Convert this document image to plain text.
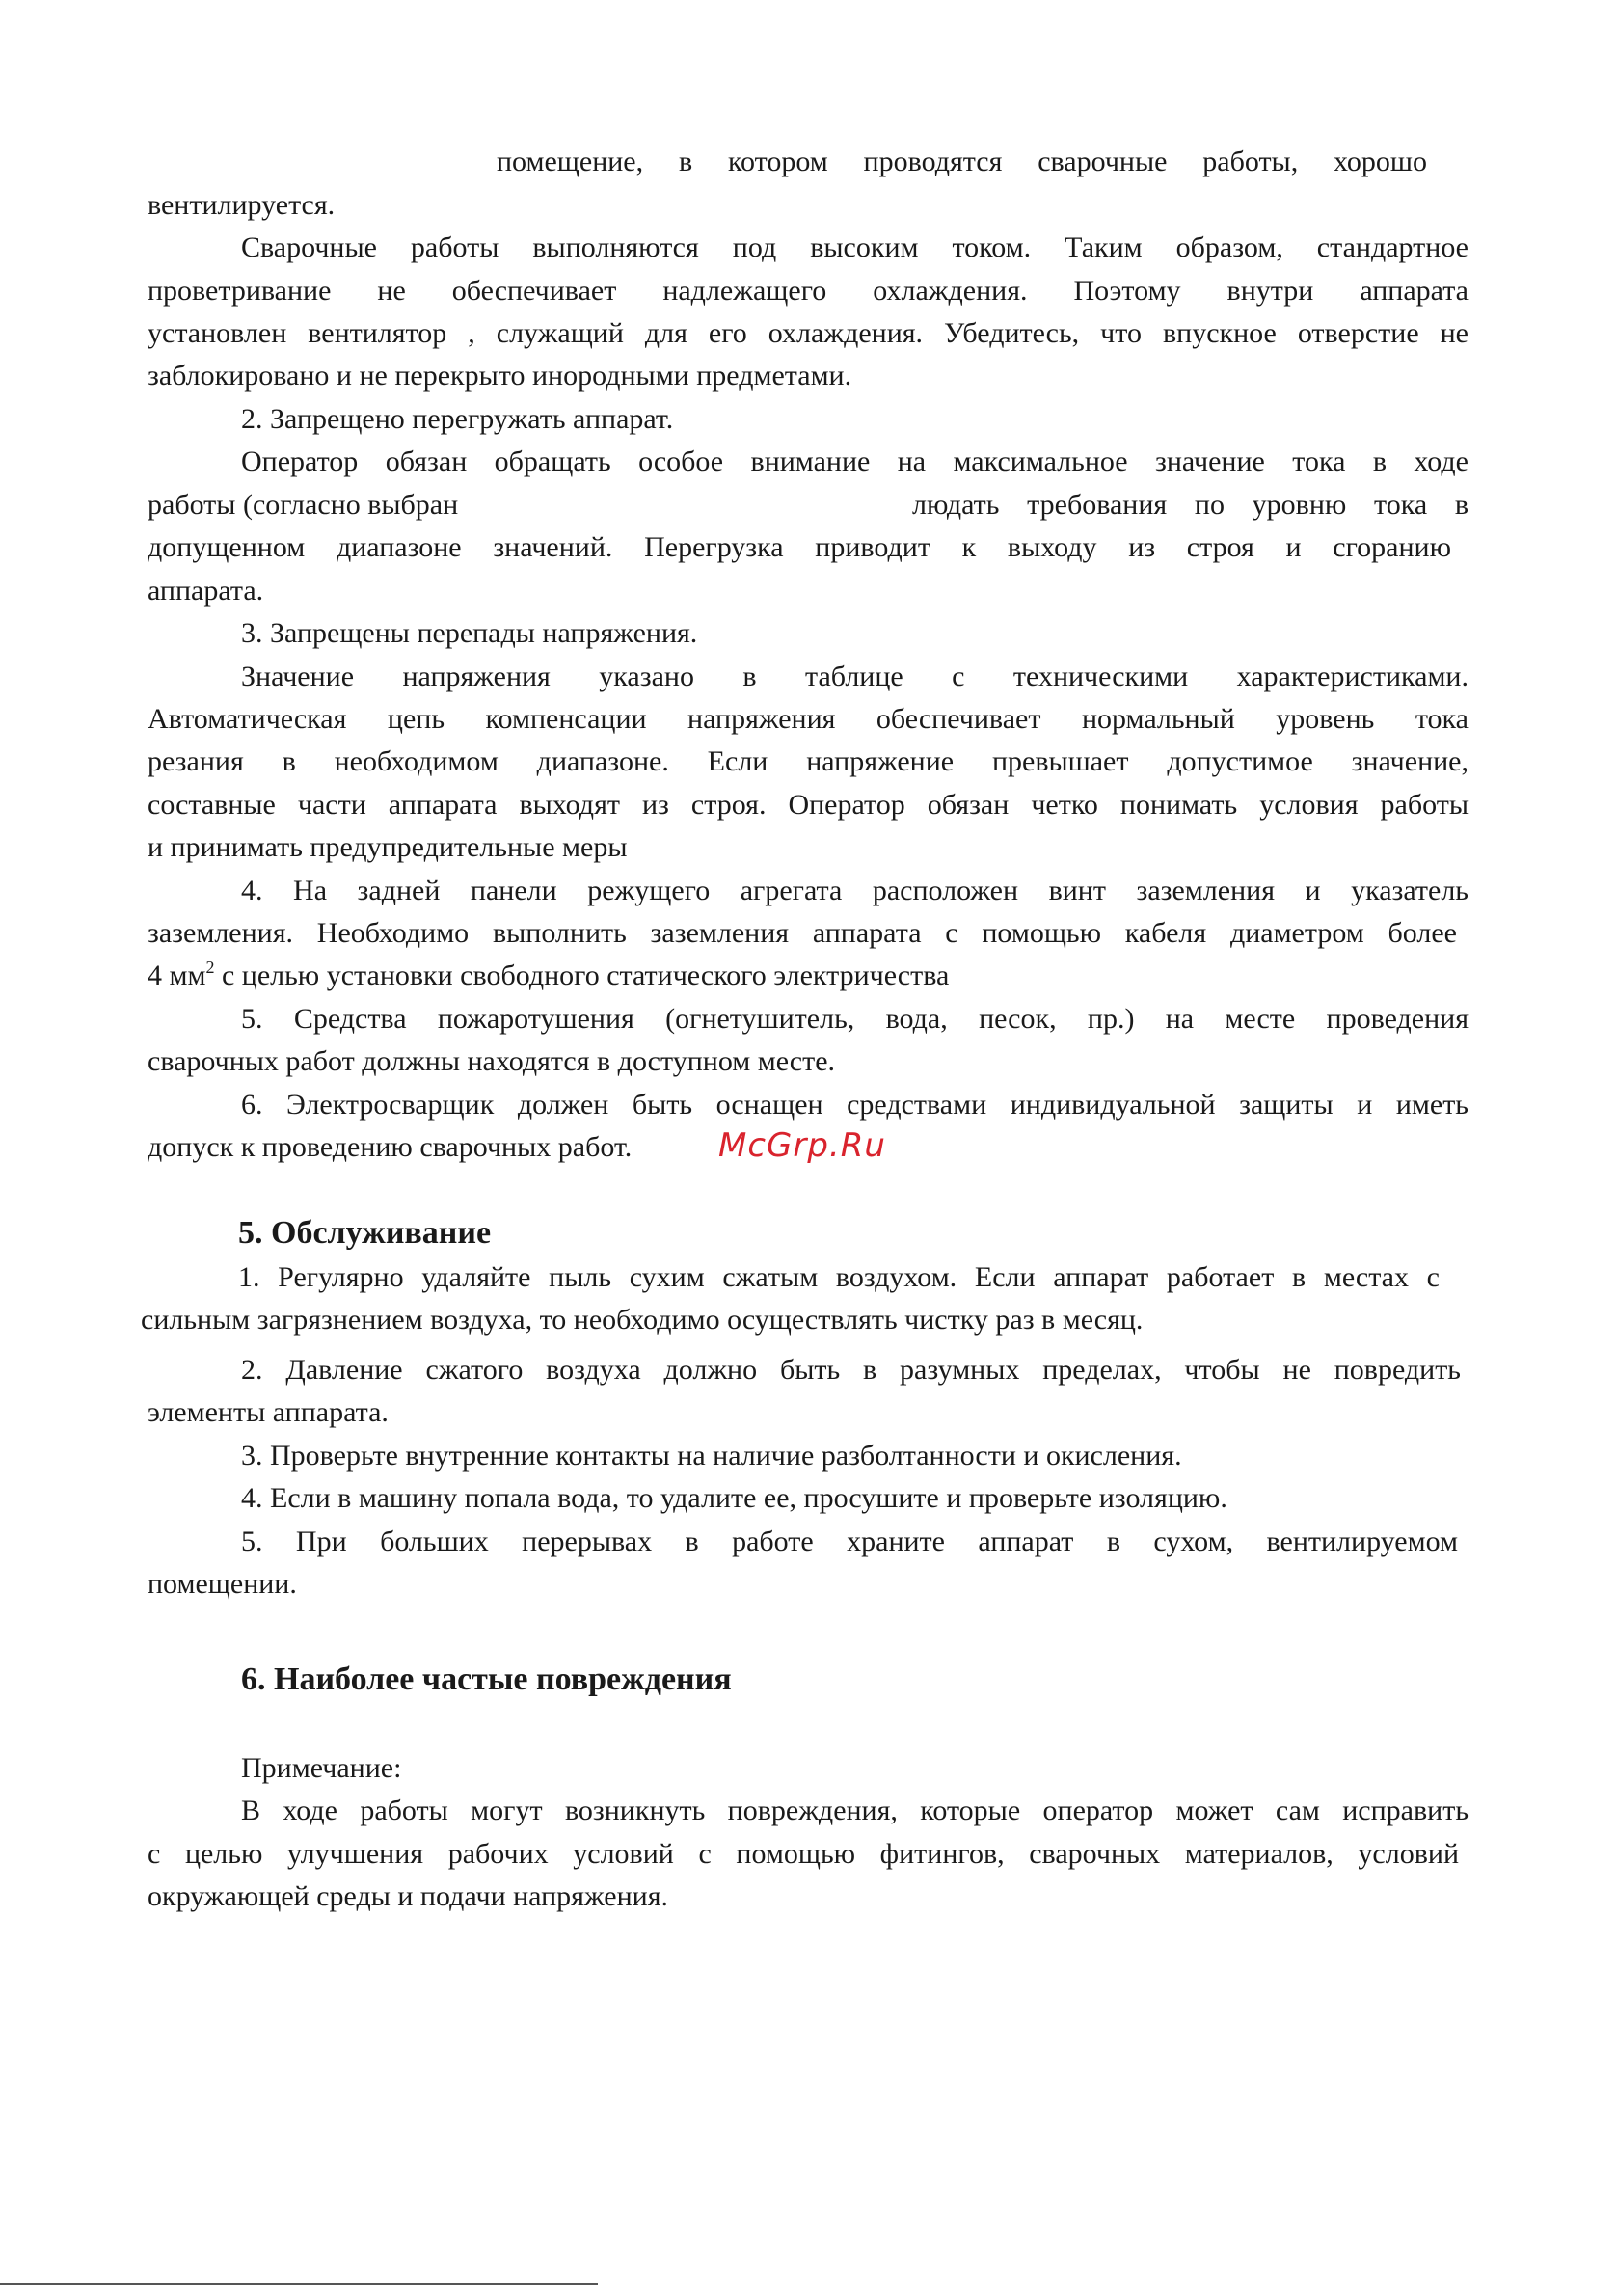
помещение, в котором проводятся сварочные работы, хорошо
вентилируется.
Сварочные работы выполняются под высоким током. Таким образом, стандартное
проветривание не обеспечивает надлежащего охлаждения. Поэтому внутри аппарата
установлен вентилятор , служащий для его охлаждения. Убедитесь, что впускное отверстие не
заблокировано и не перекрыто инородными предметами.
2. Запрещено перегружать аппарат.
Оператор обязан обращать особое внимание на максимальное значение тока в ходе
работы (согласно выбран	людать требования по уровню тока в
допущенном диапазоне значений. Перегрузка приводит к выходу из строя и сгоранию
аппарата.
3. Запрещены перепады напряжения.
Значение напряжения указано в таблице с техническими характеристиками.
Автоматическая цепь компенсации напряжения обеспечивает нормальный уровень тока
резания в необходимом диапазоне. Если напряжение превышает допустимое значение,
составные части аппарата выходят из строя. Оператор обязан четко понимать условия работы
и принимать предупредительные меры
4. На задней панели режущего агрегата расположен винт заземления и указатель
заземления. Необходимо выполнить заземления аппарата с помощью кабеля диаметром более
4 $мм^2$ с целью установки свободного статического электричества
5. Средства пожаротушения (огнетушитель, вода, песок, пр.) на месте проведения
сварочных работ должны находятся в доступном месте.
6. Электросварщик должен быть оснащен средствами индивидуальной защиты и иметь
допуск к проведению сварочных работ.	McGrp.Ru
5. Обслуживание
1. Регулярно удаляйте пыль сухим сжатым воздухом. Если аппарат работает в местах с
сильным загрязнением воздуха, то необходимо осуществлять чистку раз в месяц.
2. Давление сжатого воздуха должно быть в разумных пределах, чтобы не повредить
элементы аппарата.
3. Проверьте внутренние контакты на наличие разболтанности и окисления.
4. Если в машину попала вода, то удалите ее, просушите и проверьте изоляцию.
5. При больших перерывах в работе храните аппарат в сухом, вентилируемом
помещении.
6. Наиболее частые повреждения
Примечание:
В ходе работы могут возникнуть повреждения, которые оператор может сам исправить
с целью улучшения рабочих условий с помощью фитингов, сварочных материалов, условий
окружающей среды и подачи напряжения.
